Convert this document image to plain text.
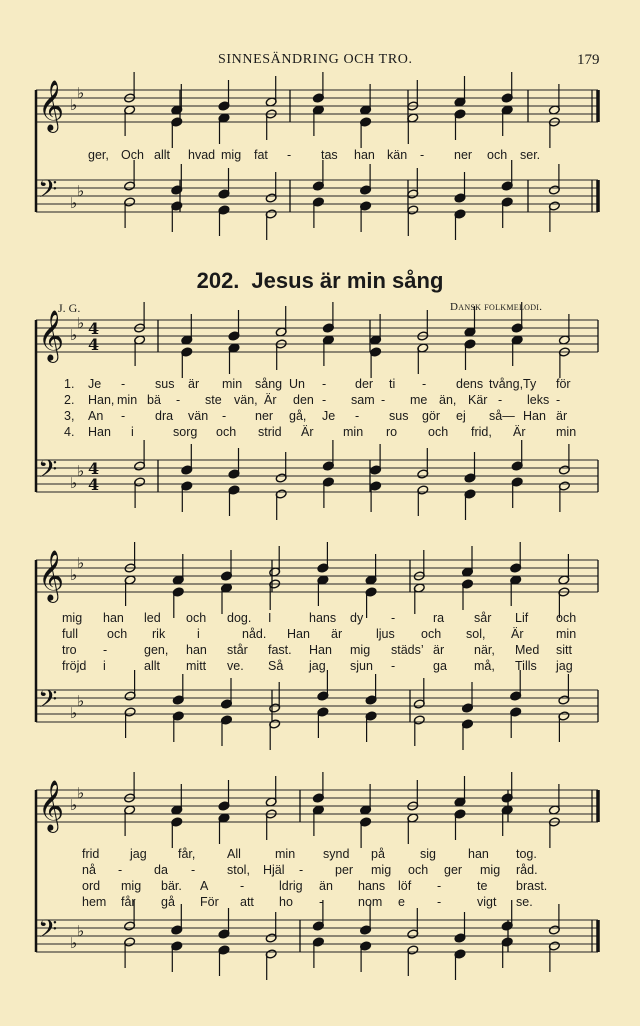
SINNESÄNDRING OCH TRO.	179
202. Jesus är min sång
J. G.	Dansk folkmelodi.
𝄞
𝄢
♭
♭
♭
♭
𝄞
𝄢
♭
♭
♭
♭
4
4
4
4
𝄞
𝄢
♭
♭
♭
♭
𝄞
𝄢
♭
♭
♭
♭
ger, Och allt hvad mig fat - tas han kän - ner och ser.
1. Je - sus är min sång Un - der ti - dens tvång, Ty för
2. Han, min bä - ste vän, Är den - sam - me än, Kär - leks -
3, An - dra vän - ner gå, Je - sus gör ej så— Han är
4. Han i	sorg och strid Är min ro och frid, Är min
mig han led och dog. I	hans dy -	ra sår Lif och
full och rik	i	nåd. Han är	ljus och sol, Är	min
tro -	gen, han står fast. Han mig städs’ är när, Med sitt
fröjd i	allt mitt ve. Så jag sjun -	ga må, Tills jag
frid jag	får,	All	min synd på	sig	han tog.
nå -	da -	stol, Hjäl -	per mig och ger mig råd.
ord mig bär. A	-	ldrig än hans löf -	te brast.
hem får gå För att ho -	nom e	-	vigt se.
